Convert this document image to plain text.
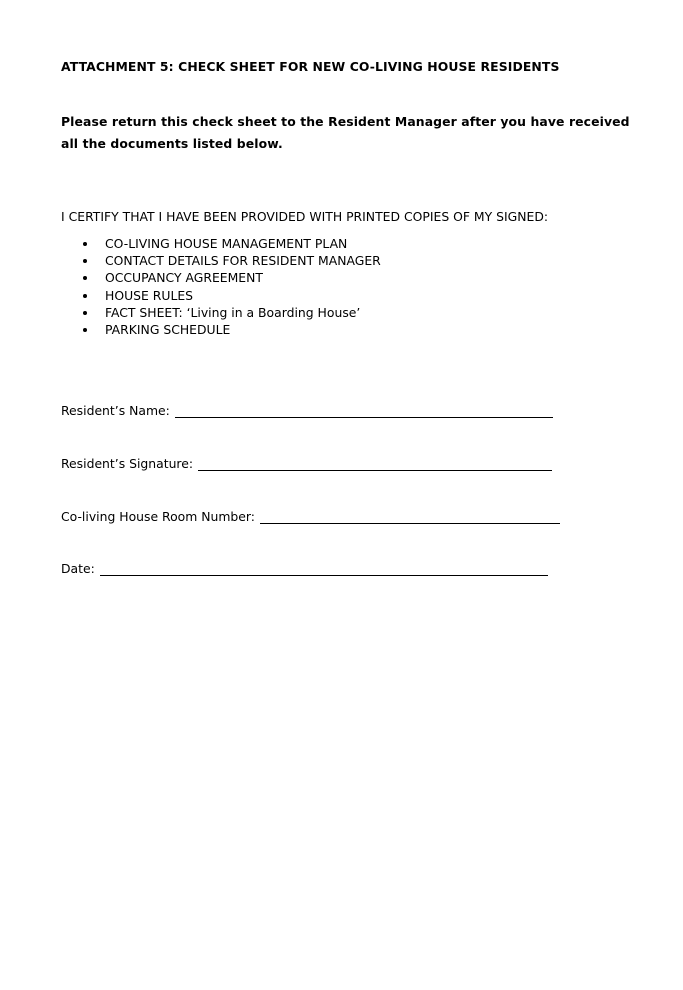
ATTACHMENT 5: CHECK SHEET FOR NEW CO-LIVING HOUSE RESIDENTS
Please return this check sheet to the Resident Manager after you have received
all the documents listed below.
I CERTIFY THAT I HAVE BEEN PROVIDED WITH PRINTED COPIES OF MY SIGNED:
CO-LIVING HOUSE MANAGEMENT PLAN
CONTACT DETAILS FOR RESIDENT MANAGER
OCCUPANCY AGREEMENT
HOUSE RULES
FACT SHEET: ‘Living in a Boarding House’
PARKING SCHEDULE
Resident’s Name:
Resident’s Signature:
Co-living House Room Number:
Date:
